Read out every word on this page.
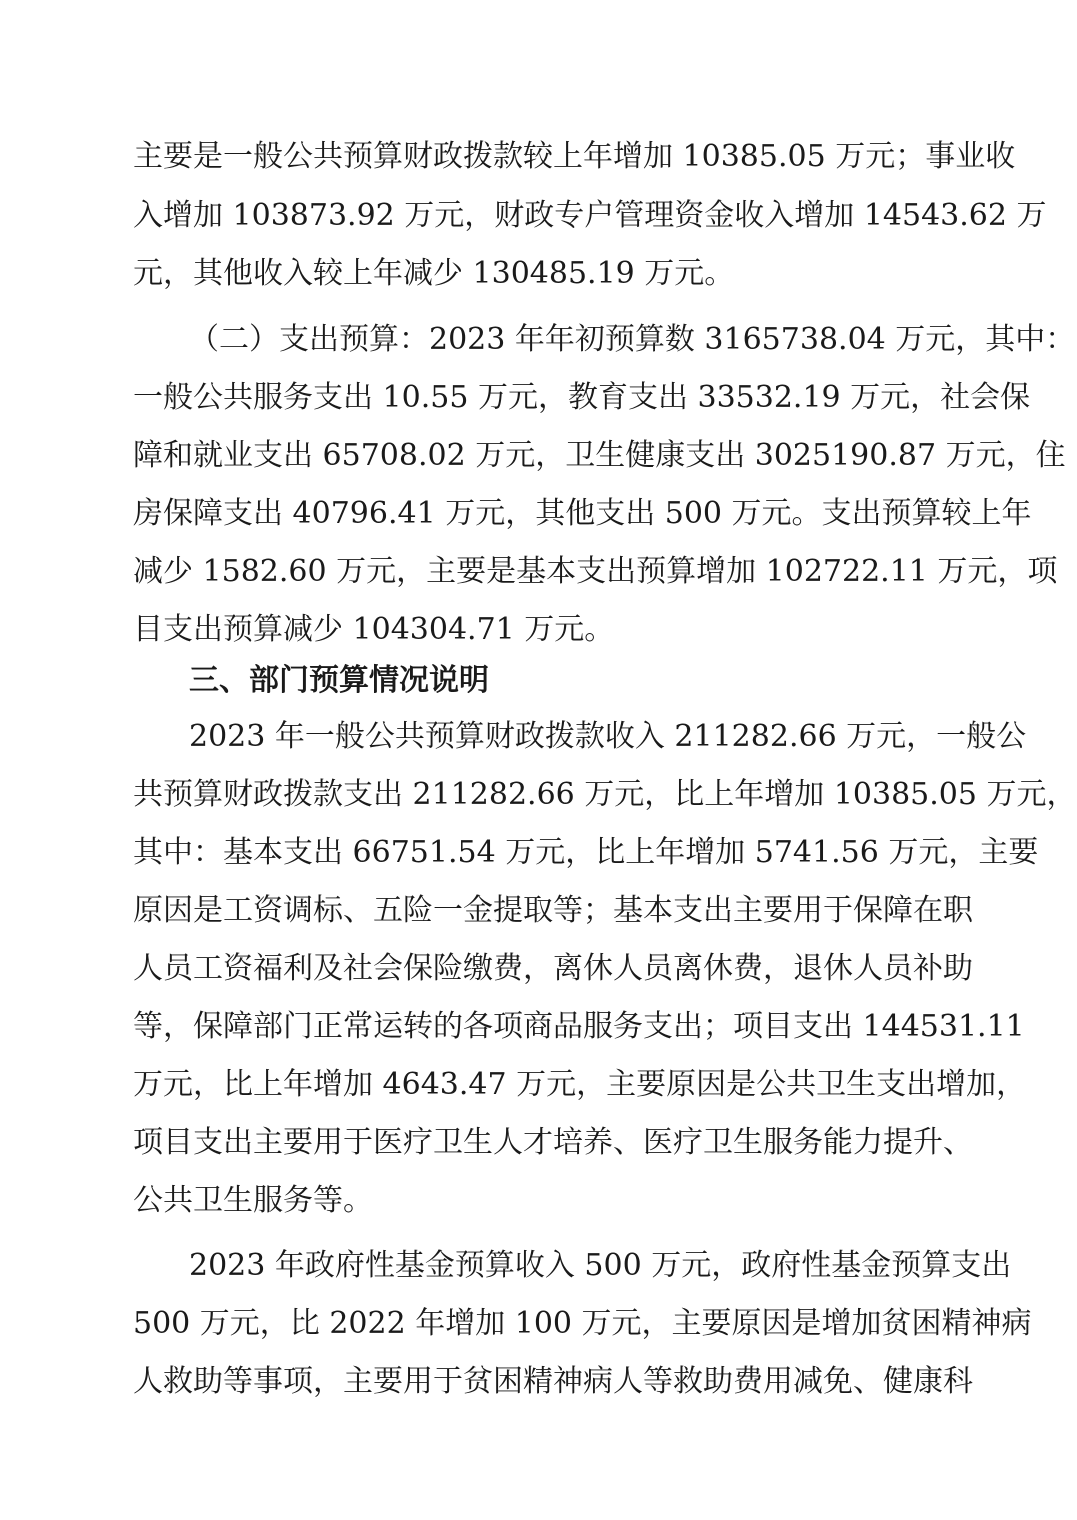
主要是一般公共预算财政拨款较上年增加 10385.05 万元；事业收
入增加 103873.92 万元，财政专户管理资金收入增加 14543.62 万
元，其他收入较上年减少 130485.19 万元。
（二）支出预算：2023 年年初预算数 3165738.04 万元，其中：
一般公共服务支出 10.55 万元，教育支出 33532.19 万元，社会保
障和就业支出 65708.02 万元，卫生健康支出 3025190.87 万元，住
房保障支出 40796.41 万元，其他支出 500 万元。支出预算较上年
减少 1582.60 万元，主要是基本支出预算增加 102722.11 万元，项
目支出预算减少 104304.71 万元。
三、部门预算情况说明
2023 年一般公共预算财政拨款收入 211282.66 万元，一般公
共预算财政拨款支出 211282.66 万元，比上年增加 10385.05 万元，
其中：基本支出 66751.54 万元，比上年增加 5741.56 万元，主要
原因是工资调标、五险一金提取等；基本支出主要用于保障在职
人员工资福利及社会保险缴费，离休人员离休费，退休人员补助
等，保障部门正常运转的各项商品服务支出；项目支出 144531.11
万元，比上年增加 4643.47 万元，主要原因是公共卫生支出增加，
项目支出主要用于医疗卫生人才培养、医疗卫生服务能力提升、
公共卫生服务等。
2023 年政府性基金预算收入 500 万元，政府性基金预算支出
500 万元，比 2022 年增加 100 万元，主要原因是增加贫困精神病
人救助等事项，主要用于贫困精神病人等救助费用减免、健康科
